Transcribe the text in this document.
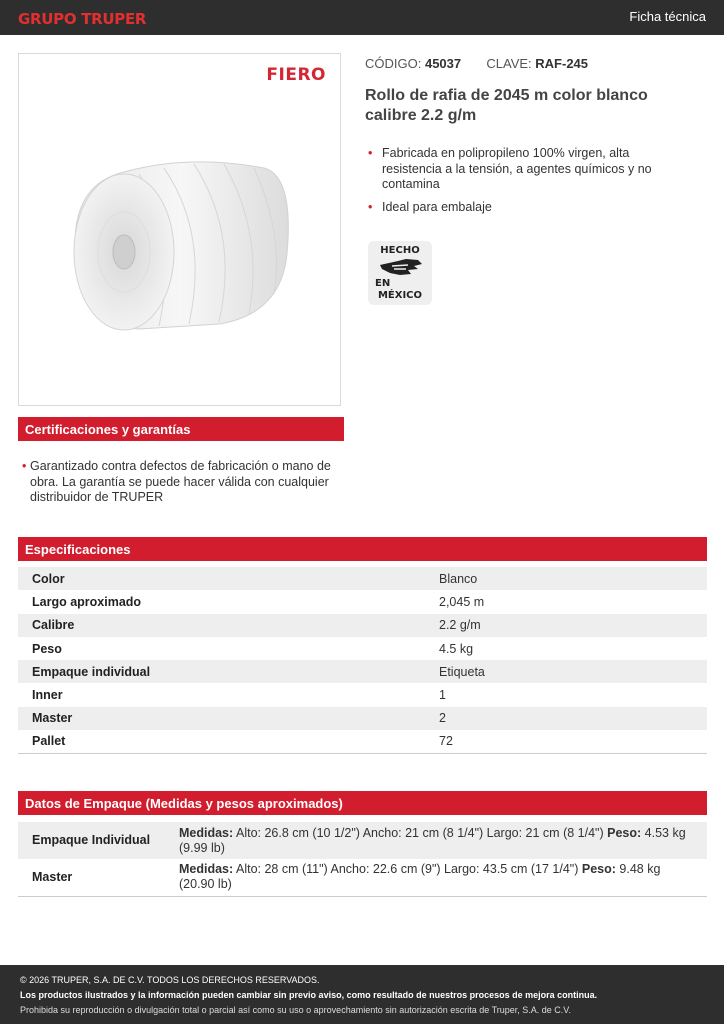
GRUPO TRUPER	Ficha técnica
FIERO
CÓDIGO: 45037 CLAVE: RAF-245
Rollo de rafia de 2045 m color blanco calibre 2.2 g/m
• Fabricada en polipropileno 100% virgen, alta resistencia a la tensión, a agentes químicos y no contamina
• Ideal para embalaje
HECHO
EN
MÉXICO
Certificaciones y garantías
• Garantizado contra defectos de fabricación o mano de obra. La garantía se puede hacer válida con cualquier distribuidor de TRUPER
Especificaciones
Color	Blanco
Largo aproximado	2,045 m
Calibre	2.2 g/m
Peso	4.5 kg
Empaque individual	Etiqueta
Inner	1
Master	2
Pallet	72
Datos de Empaque (Medidas y pesos aproximados)
Empaque Individual	Medidas: Alto: 26.8 cm (10 1/2") Ancho: 21 cm (8 1/4") Largo: 21 cm (8 1/4") Peso: 4.53 kg (9.99 lb)
Master	Medidas: Alto: 28 cm (11") Ancho: 22.6 cm (9") Largo: 43.5 cm (17 1/4") Peso: 9.48 kg (20.90 lb)
© 2026 TRUPER, S.A. DE C.V. TODOS LOS DERECHOS RESERVADOS.
Los productos ilustrados y la información pueden cambiar sin previo aviso, como resultado de nuestros procesos de mejora continua.
Prohibida su reproducción o divulgación total o parcial así como su uso o aprovechamiento sin autorización escrita de Truper, S.A. de C.V.
